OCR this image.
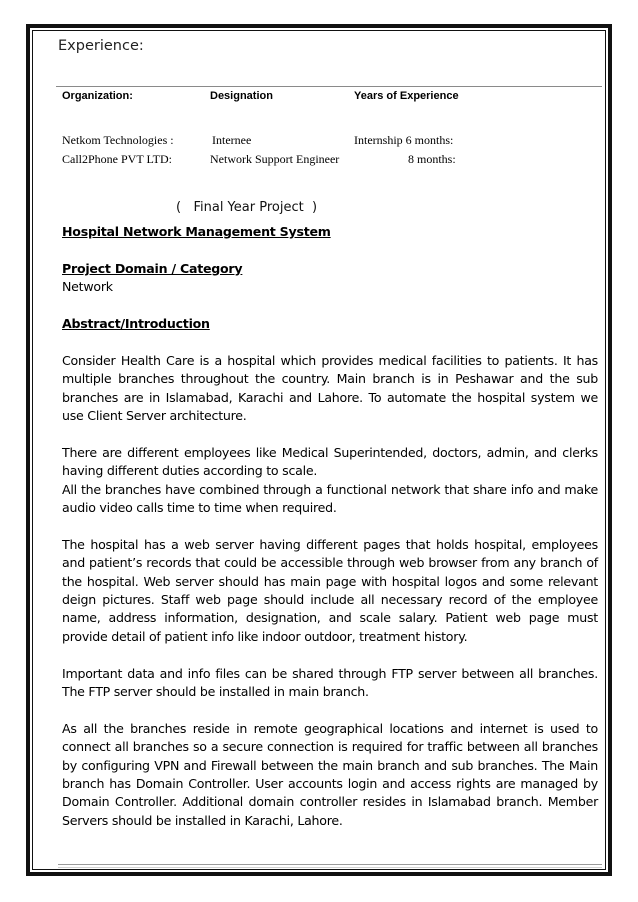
Experience:
Organization:	Designation	Years of Experience
Netkom Technologies :	Internee	Internship 6 months:
Call2Phone PVT LTD:	Network Support Engineer	8 months:
(   Final Year Project  )
Hospital Network Management System
Project Domain / Category
Network
Abstract/Introduction

Consider Health Care is a hospital which provides medical facilities to patients. It has multiple branches throughout the country. Main branch is in Peshawar and the sub branches are in Islamabad, Karachi and Lahore. To automate the hospital system we use Client Server architecture.

There are different employees like Medical Superintended, doctors, admin, and clerks having different duties according to scale.

All the branches have combined through a functional network that share info and make audio video calls time to time when required.

The hospital has a web server having different pages that holds hospital, employees and patient’s records that could be accessible through web browser from any branch of the hospital. Web server should has main page with hospital logos and some relevant deign pictures. Staff web page should include all necessary record of the employee name, address information, designation, and scale salary. Patient web page must provide detail of patient info like indoor outdoor, treatment history.

Important data and info files can be shared through FTP server between all branches. The FTP server should be installed in main branch.

As all the branches reside in remote geographical locations and internet is used to connect all branches so a secure connection is required for traffic between all branches by configuring VPN and Firewall between the main branch and sub branches. The Main branch has Domain Controller. User accounts login and access rights are managed by Domain Controller. Additional domain controller resides in Islamabad branch. Member Servers should be installed in Karachi, Lahore.
